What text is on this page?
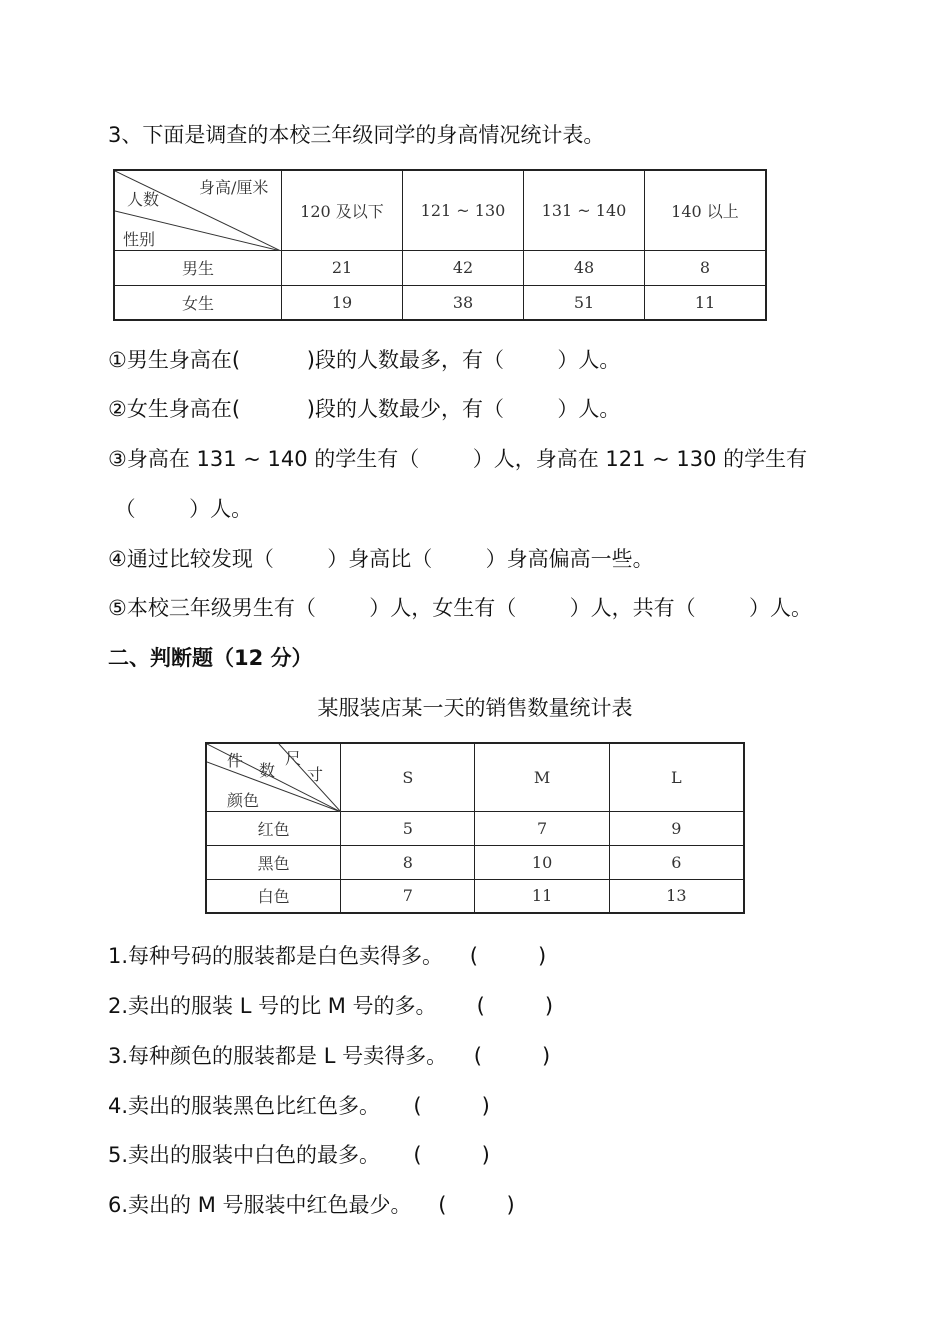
3、下面是调查的本校三年级同学的身高情况统计表。
身高/厘米
人数
性别	120 及以下	121 ~ 130	131 ~ 140	140 以上
男生	21	42	48	8
女生	19	38	51	11
①男生身高在(          )段的人数最多，有（        ）人。
②女生身高在(          )段的人数最少，有（        ）人。
③身高在 131 ~ 140 的学生有（        ）人，身高在 121 ~ 130 的学生有
（        ）人。
④通过比较发现（        ）身高比（        ）身高偏高一些。
⑤本校三年级男生有（        ）人，女生有（        ）人，共有（        ）人。
二、判断题（12 分）
某服装店某一天的销售数量统计表
尺
寸
件
数
颜色	S	M	L
红色	5	7	9
黑色	8	10	6
白色	7	11	13
1.每种号码的服装都是白色卖得多。    (         )
2.卖出的服装 L 号的比 M 号的多。      (         )
3.每种颜色的服装都是 L 号卖得多。    (         )
4.卖出的服装黑色比红色多。     (         )
5.卖出的服装中白色的最多。     (         )
6.卖出的 M 号服装中红色最少。    (         )
